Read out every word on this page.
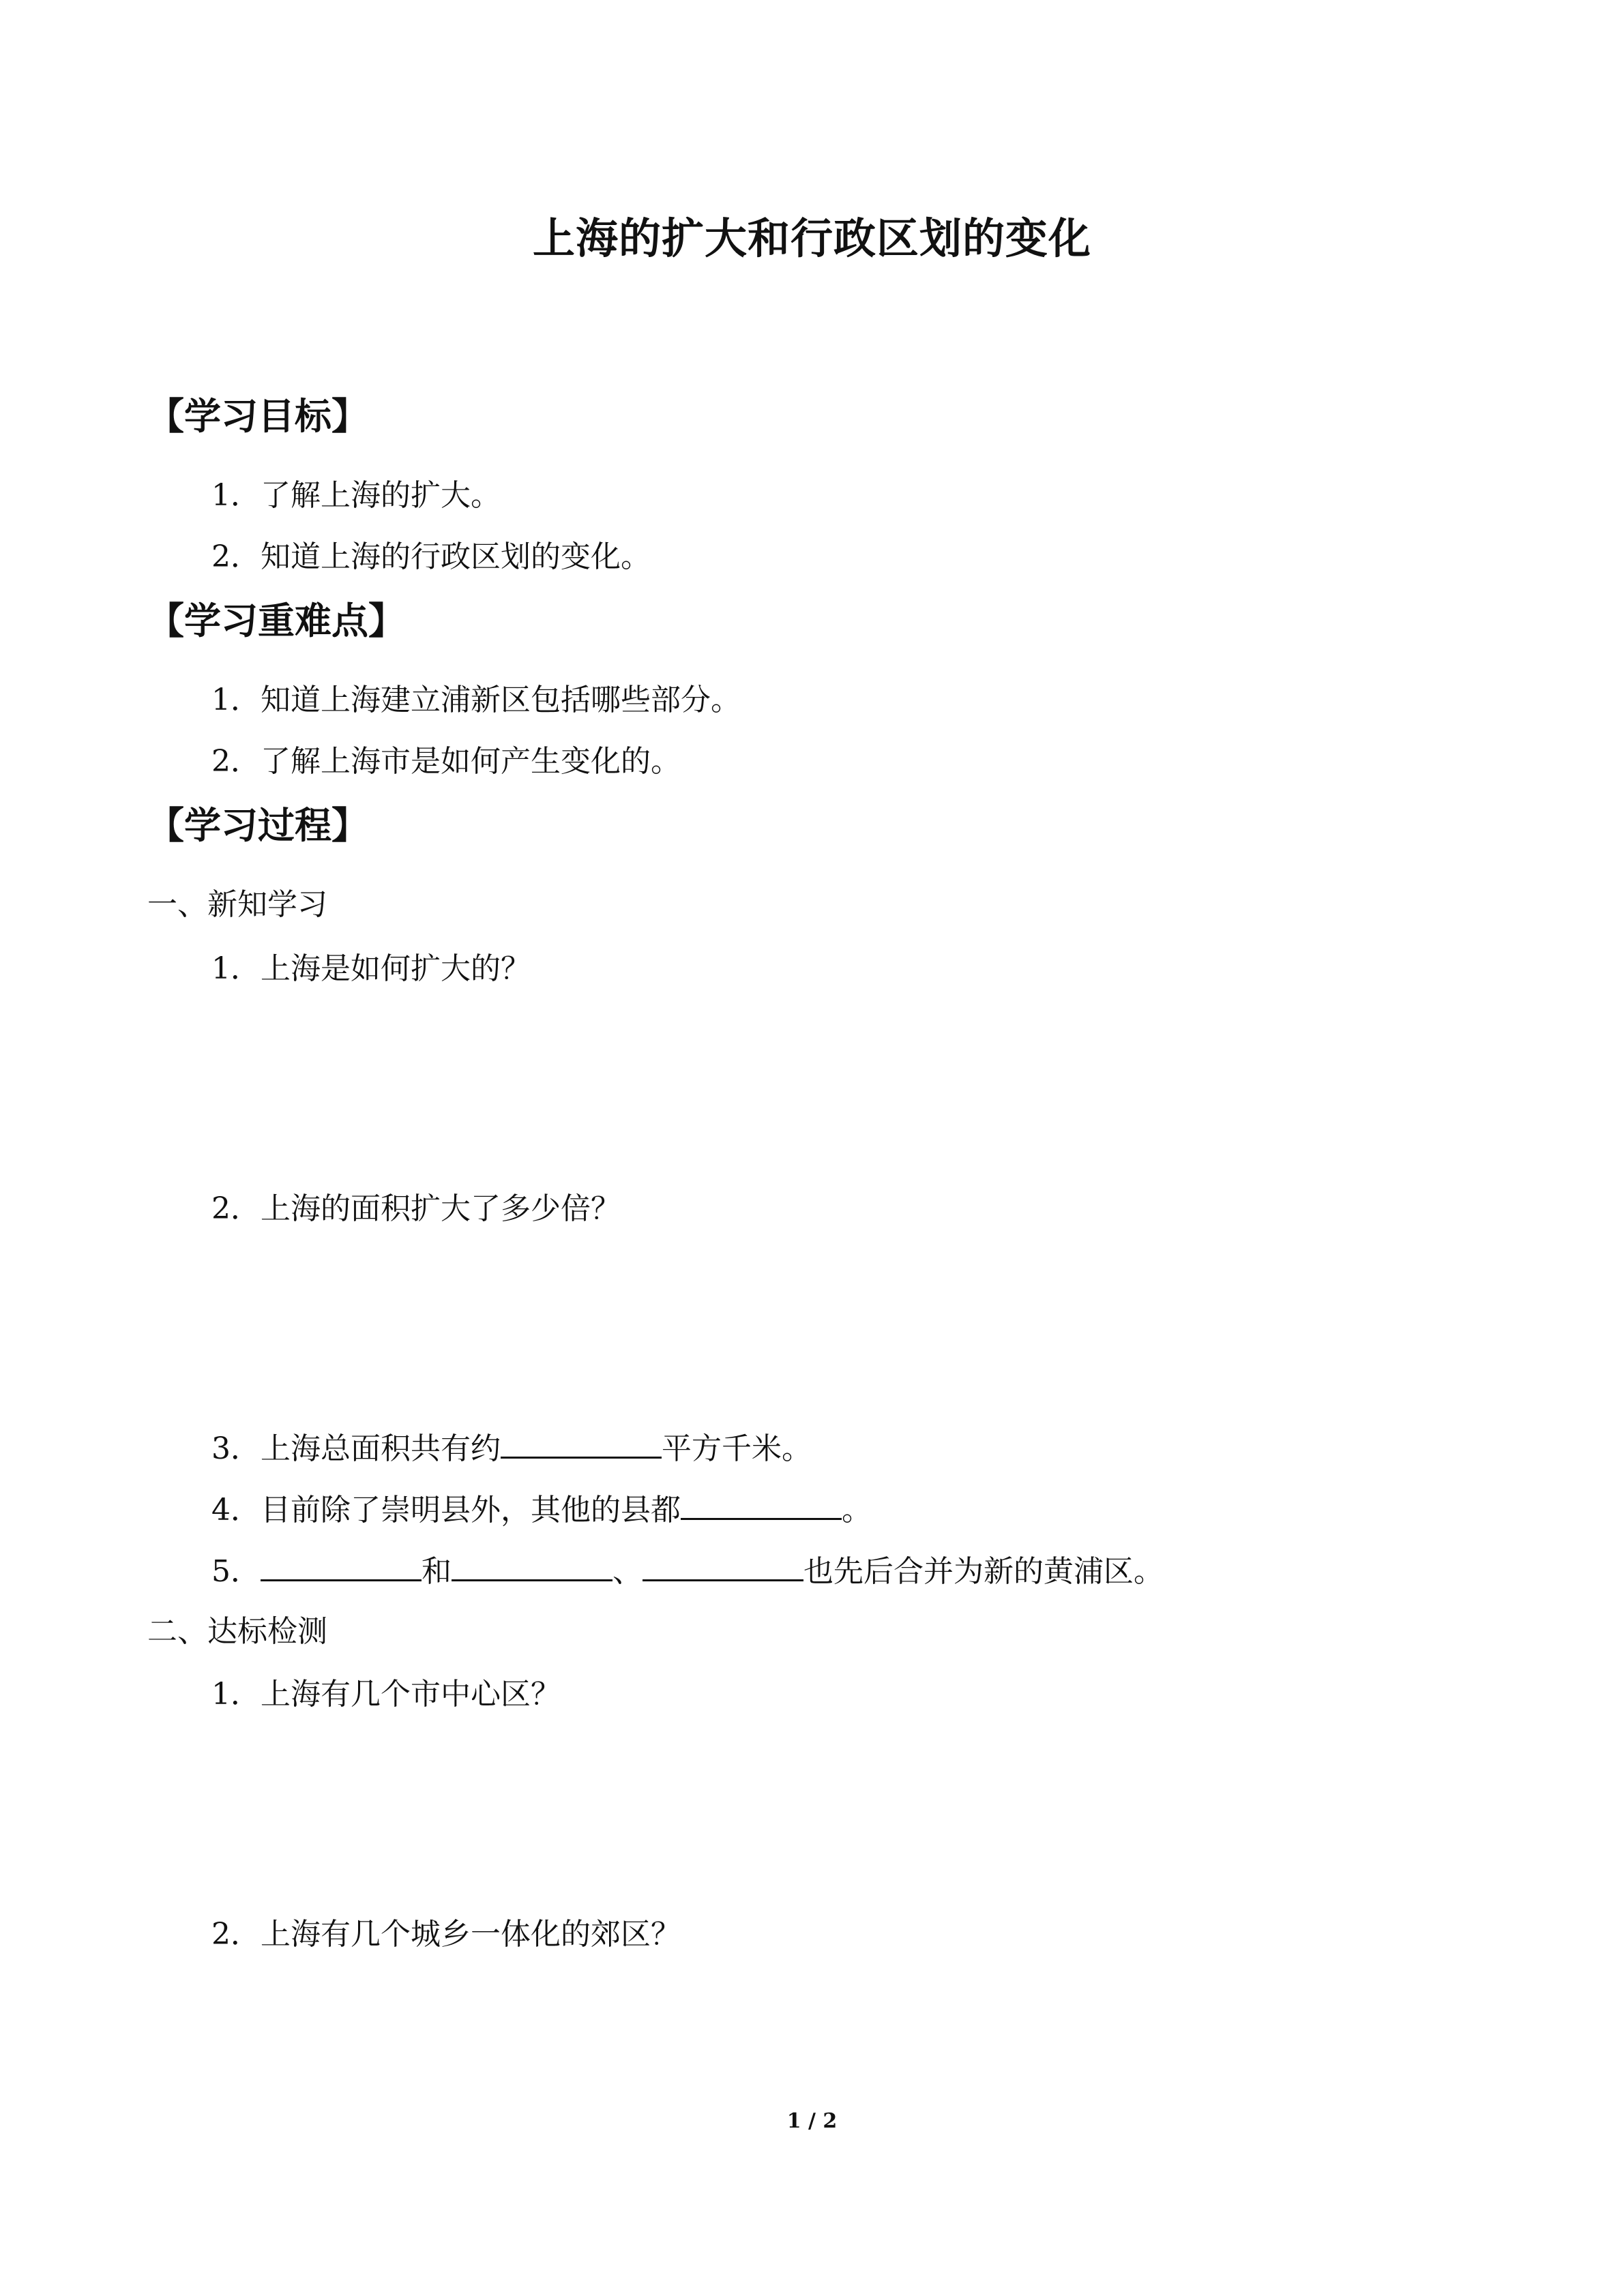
上海的扩大和行政区划的变化
【学习目标】
1．了解上海的扩大。
2．知道上海的行政区划的变化。
【学习重难点】
1．知道上海建立浦新区包括哪些部分。
2．了解上海市是如何产生变化的。
【学习过程】
一、新知学习
1．上海是如何扩大的？
2．上海的面积扩大了多少倍？
3．上海总面积共有约	平方千米。
4．目前除了崇明县外，其他的县都	。
5．	和	、	也先后合并为新的黄浦区。
二、达标检测
1．上海有几个市中心区？
2．上海有几个城乡一体化的郊区？
1 / 2
